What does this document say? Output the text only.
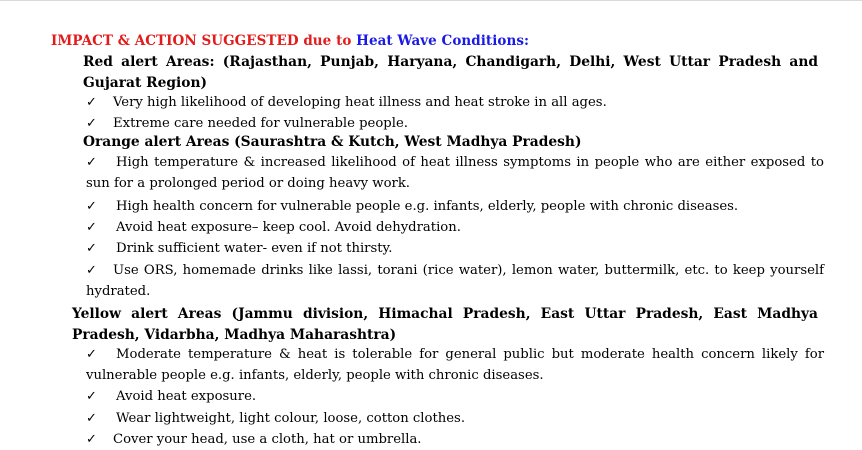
IMPACT & ACTION SUGGESTED due to Heat Wave Conditions:
Red alert Areas: (Rajasthan, Punjab, Haryana, Chandigarh, Delhi, West Uttar Pradesh and Gujarat Region)
✓ Very high likelihood of developing heat illness and heat stroke in all ages.
✓ Extreme care needed for vulnerable people.
Orange alert Areas (Saurashtra & Kutch, West Madhya Pradesh)
✓	High temperature & increased likelihood of heat illness symptoms in people who are either exposed to sun for a prolonged period or doing heavy work.
✓ High health concern for vulnerable people e.g. infants, elderly, people with chronic diseases.
✓ Avoid heat exposure– keep cool. Avoid dehydration.
✓ Drink sufficient water- even if not thirsty.
✓	Use ORS, homemade drinks like lassi, torani (rice water), lemon water, buttermilk, etc. to keep yourself hydrated.
Yellow alert Areas (Jammu division, Himachal Pradesh, East Uttar Pradesh, East Madhya Pradesh, Vidarbha, Madhya Maharashtra)
✓	Moderate temperature & heat is tolerable for general public but moderate health concern likely for vulnerable people e.g. infants, elderly, people with chronic diseases.
✓ Avoid heat exposure.
✓ Wear lightweight, light colour, loose, cotton clothes.
✓ Cover your head, use a cloth, hat or umbrella.
